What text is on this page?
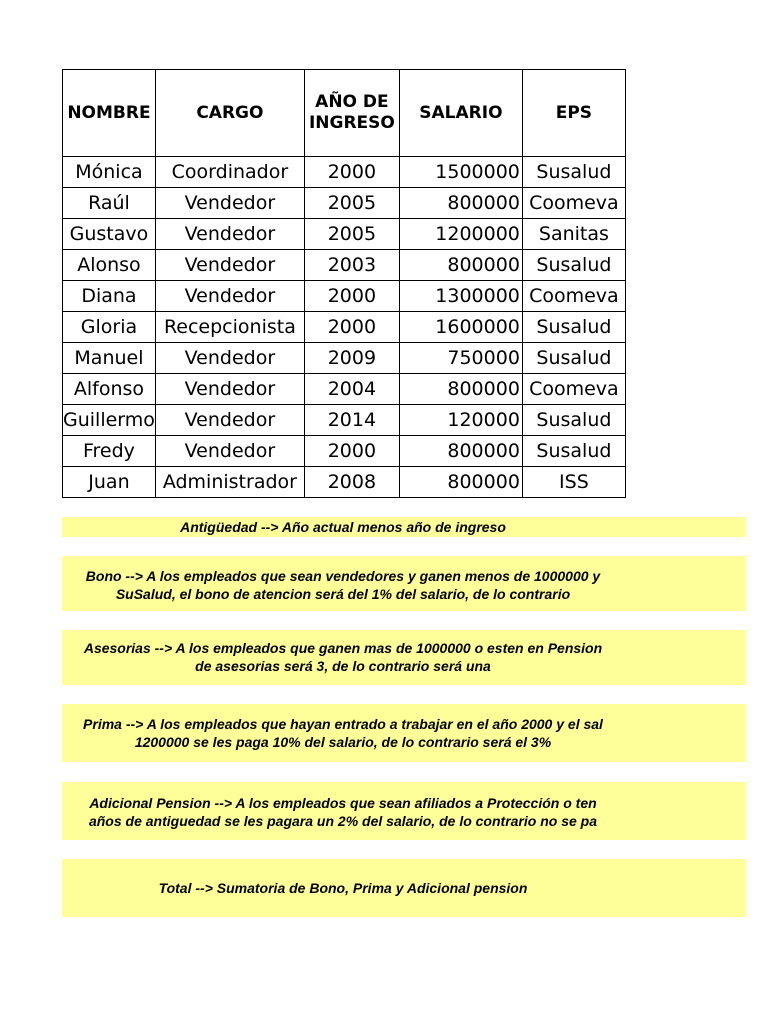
NOMBRE	CARGO	AÑO DE INGRESO	SALARIO	EPS
Mónica	Coordinador	2000	1500000	Susalud
Raúl	Vendedor	2005	800000	Coomeva
Gustavo	Vendedor	2005	1200000	Sanitas
Alonso	Vendedor	2003	800000	Susalud
Diana	Vendedor	2000	1300000	Coomeva
Gloria	Recepcionista	2000	1600000	Susalud
Manuel	Vendedor	2009	750000	Susalud
Alfonso	Vendedor	2004	800000	Coomeva
Guillermo	Vendedor	2014	120000	Susalud
Fredy	Vendedor	2000	800000	Susalud
Juan	Administrador	2008	800000	ISS
Antigüedad --> Año actual menos año de ingreso
Bono --> A los empleados que sean vendedores y ganen menos de 1000000 y
SuSalud, el bono de atencion será del 1% del salario, de lo contrario
Asesorias --> A los empleados que ganen mas de 1000000 o esten en Pension
de asesorias será 3, de lo contrario será una
Prima --> A los empleados que hayan entrado a trabajar en el año 2000 y el sal
1200000 se les paga 10% del salario, de lo contrario será el 3%
Adicional Pension --> A los empleados que sean afiliados a Protección o ten
años de antiguedad se les pagara un 2% del salario, de lo contrario no se pa
Total --> Sumatoria de Bono, Prima y Adicional pension
